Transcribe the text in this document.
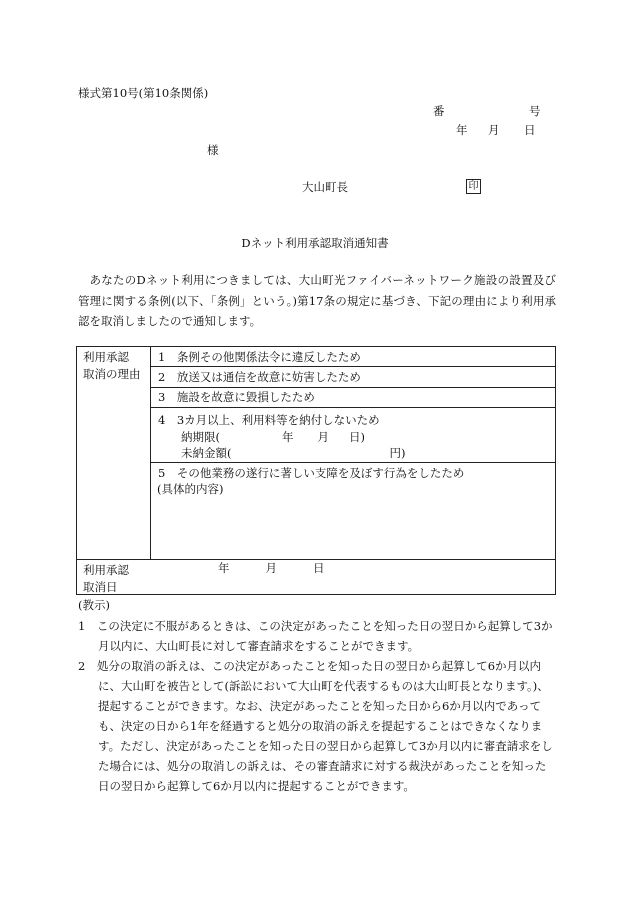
様式第10号(第10条関係)
番	号
年 月 日
様
大山町長	印
Dネット利用承認取消通知書
あなたのDネット利用につきましては、大山町光ファイバーネットワーク施設の設置及び管理に関する条例(以下、「条例」という。)第17条の規定に基づき、下記の理由により利用承認を取消しましたので通知します。
利用承認
取消の理由
1　条例その他関係法令に違反したため
2　放送又は通信を故意に妨害したため
3　施設を故意に毀損したため
4　3カ月以上、利用料等を納付しないため
納期限(	年 月 日)
未納金額(	円)
5　その他業務の遂行に著しい支障を及ぼす行為をしたため
(具体的内容)
利用承認
取消日
年	月	日
(教示)
1　この決定に不服があるときは、この決定があったことを知った日の翌日から起算して3か月以内に、大山町長に対して審査請求をすることができます。
2　処分の取消の訴えは、この決定があったことを知った日の翌日から起算して6か月以内に、大山町を被告として(訴訟において大山町を代表するものは大山町長となります。)、提起することができます。なお、決定があったことを知った日から6か月以内であっても、決定の日から1年を経過すると処分の取消の訴えを提起することはできなくなります。ただし、決定があったことを知った日の翌日から起算して3か月以内に審査請求をした場合には、処分の取消しの訴えは、その審査請求に対する裁決があったことを知った日の翌日から起算して6か月以内に提起することができます。
